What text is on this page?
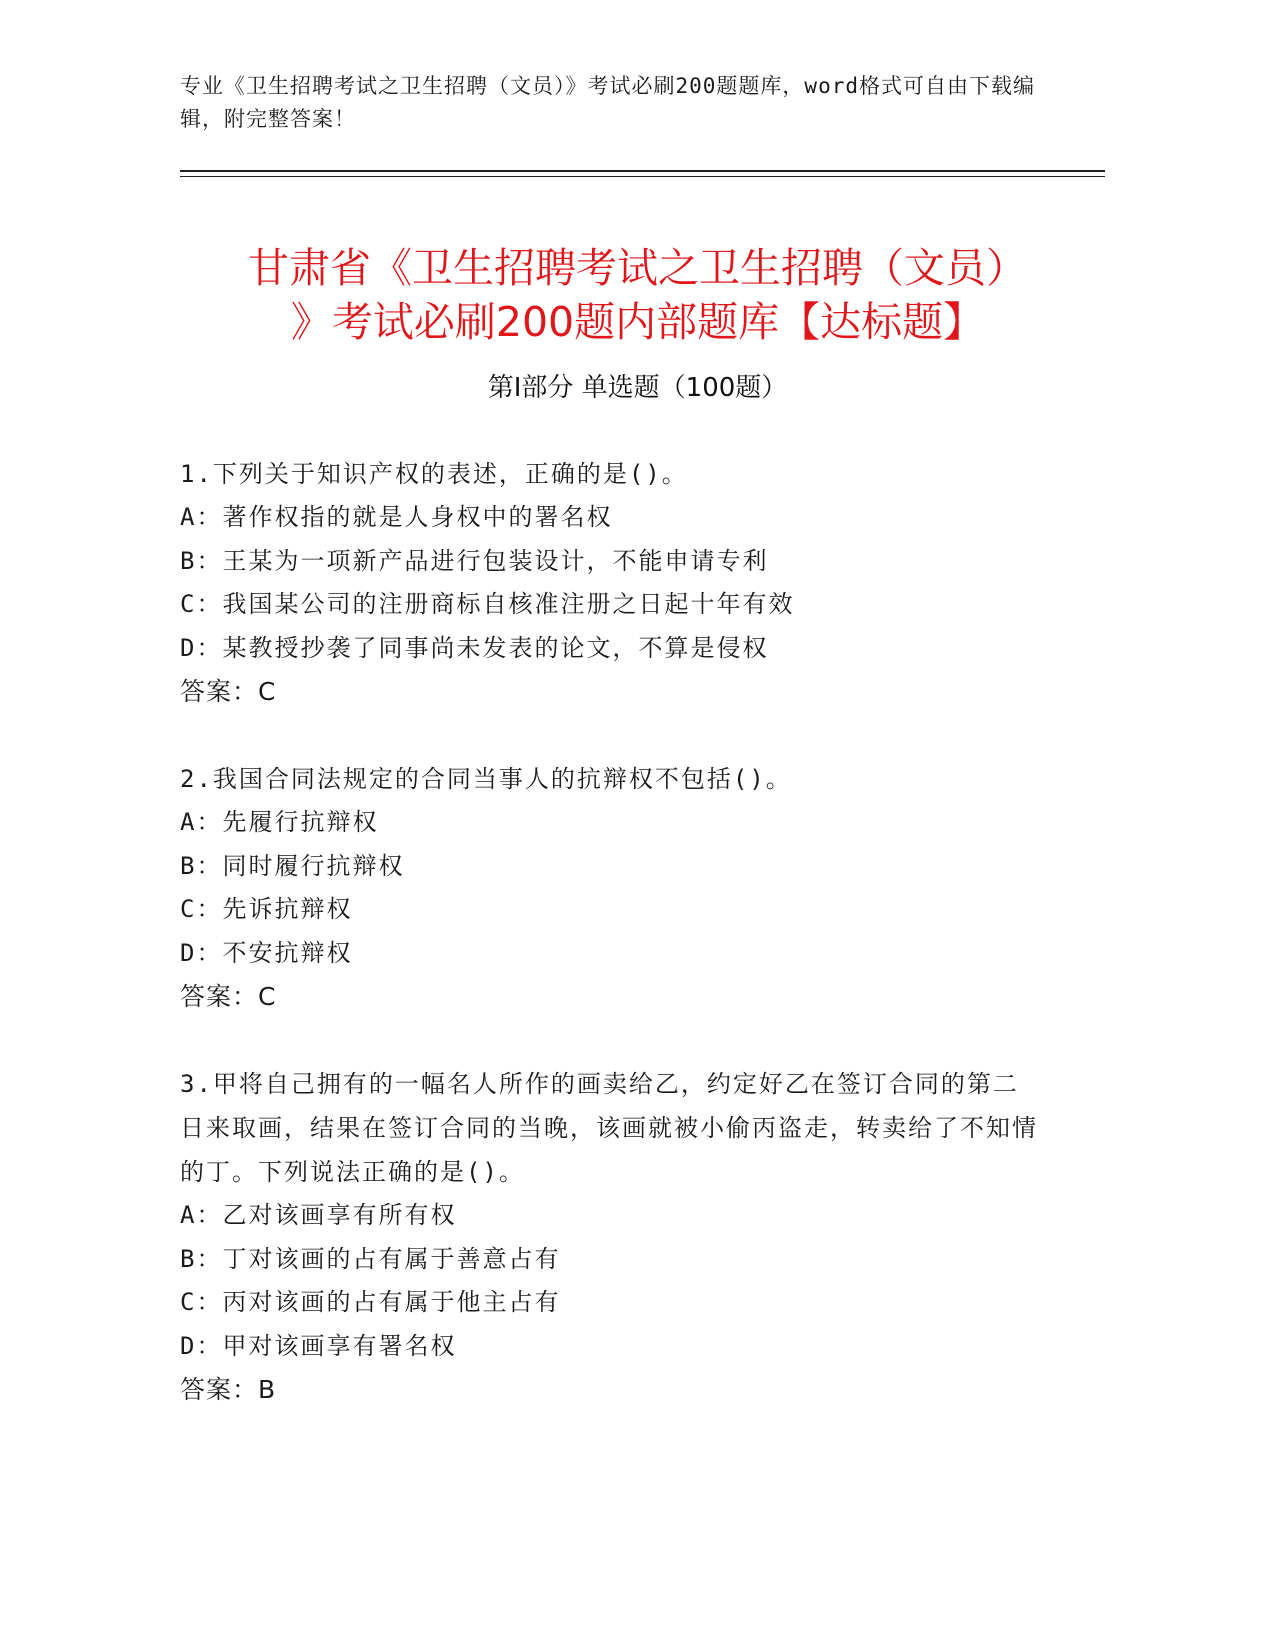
专业《卫生招聘考试之卫生招聘（文员）》考试必刷200题题库，word格式可自由下载编辑，附完整答案！
甘肃省《卫生招聘考试之卫生招聘（文员）
》考试必刷200题内部题库【达标题】
第Ⅰ部分 单选题（100题）
1.下列关于知识产权的表述，正确的是()。
A：著作权指的就是人身权中的署名权
B：王某为一项新产品进行包装设计，不能申请专利
C：我国某公司的注册商标自核准注册之日起十年有效
D：某教授抄袭了同事尚未发表的论文，不算是侵权
答案：C
2.我国合同法规定的合同当事人的抗辩权不包括()。
A：先履行抗辩权
B：同时履行抗辩权
C：先诉抗辩权
D：不安抗辩权
答案：C
3.甲将自己拥有的一幅名人所作的画卖给乙，约定好乙在签订合同的第二日来取画，结果在签订合同的当晚，该画就被小偷丙盗走，转卖给了不知情的丁。下列说法正确的是()。
A：乙对该画享有所有权
B：丁对该画的占有属于善意占有
C：丙对该画的占有属于他主占有
D：甲对该画享有署名权
答案：B
